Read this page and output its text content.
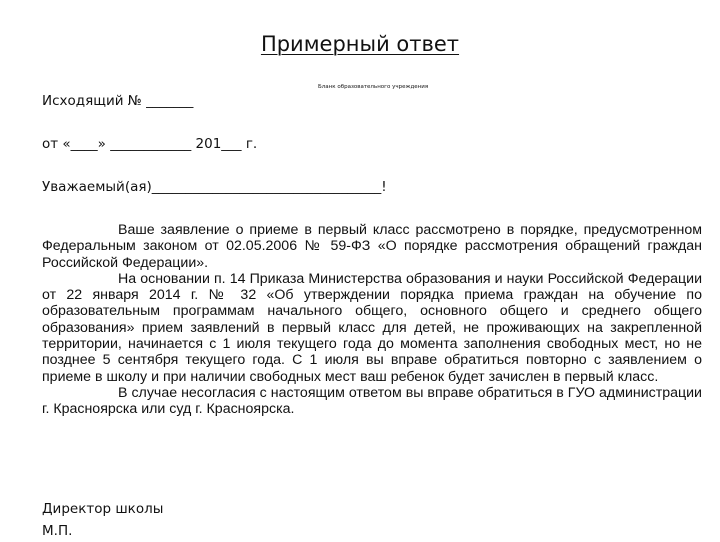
Примерный ответ
Бланк образовательного учреждения
Исходящий № _______
от «____» ____________ 201___ г.
Уважаемый(ая)__________________________________!

Ваше заявление о приеме в первый класс рассмотрено в порядке, предусмотренном Федеральным законом от 02.05.2006 № 59-ФЗ «О порядке рассмотрения обращений граждан Российской Федерации».

На основании п. 14 Приказа Министерства образования и науки Российской Федерации от 22 января 2014 г. № 32 «Об утверждении порядка приема граждан на обучение по образовательным программам начального общего, основного общего и среднего общего образования» прием заявлений в первый класс для детей, не проживающих на закрепленной территории, начинается с 1 июля текущего года до момента заполнения свободных мест, но не позднее 5 сентября текущего года. С 1 июля вы вправе обратиться повторно с заявлением о приеме в школу и при наличии свободных мест ваш ребенок будет зачислен в первый класс.

В случае несогласия с настоящим ответом вы вправе обратиться в ГУО администрации г. Красноярска или суд г. Красноярска.

Директор школы
М.П.
